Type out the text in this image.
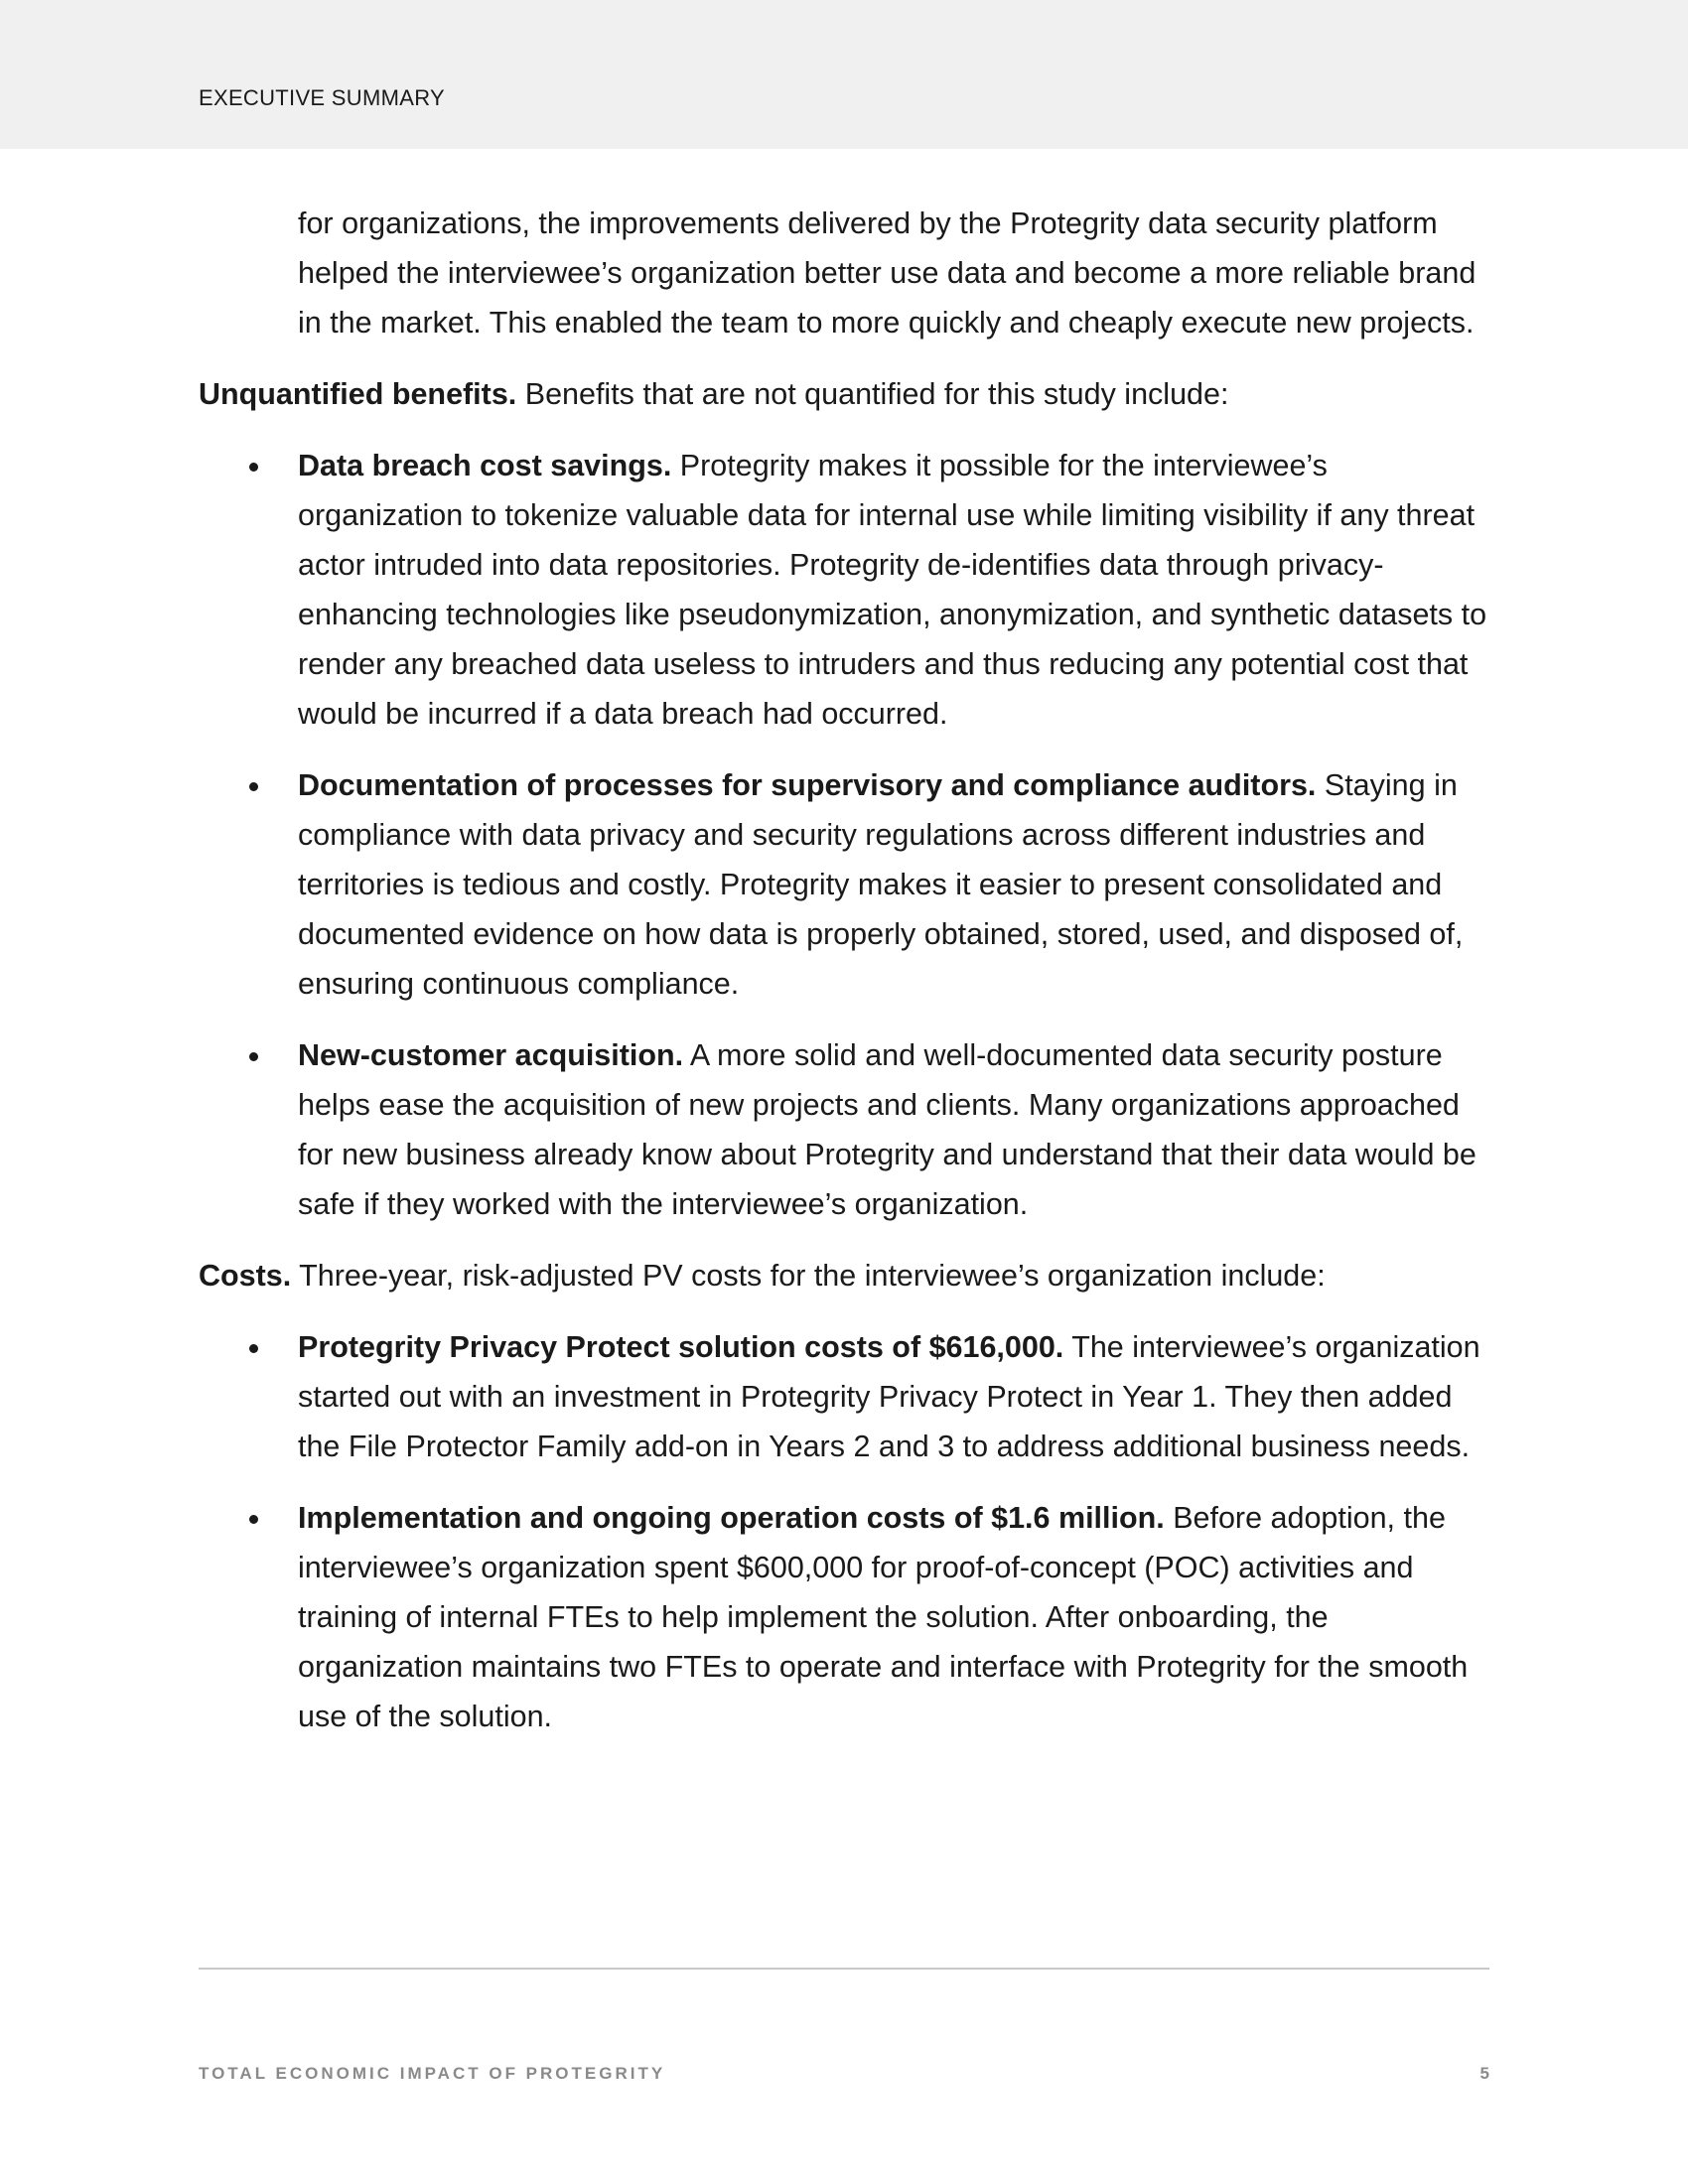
EXECUTIVE SUMMARY

for organizations, the improvements delivered by the Protegrity data security platform helped the interviewee’s organization better use data and become a more reliable brand in the market. This enabled the team to more quickly and cheaply execute new projects.

Unquantified benefits. Benefits that are not quantified for this study include:

Data breach cost savings. Protegrity makes it possible for the interviewee’s organization to tokenize valuable data for internal use while limiting visibility if any threat actor intruded into data repositories. Protegrity de-identifies data through privacy-enhancing technologies like pseudonymization, anonymization, and synthetic datasets to render any breached data useless to intruders and thus reducing any potential cost that would be incurred if a data breach had occurred.
Documentation of processes for supervisory and compliance auditors. Staying in compliance with data privacy and security regulations across different industries and territories is tedious and costly. Protegrity makes it easier to present consolidated and documented evidence on how data is properly obtained, stored, used, and disposed of, ensuring continuous compliance.
New-customer acquisition. A more solid and well-documented data security posture helps ease the acquisition of new projects and clients. Many organizations approached for new business already know about Protegrity and understand that their data would be safe if they worked with the interviewee’s organization.

Costs. Three-year, risk-adjusted PV costs for the interviewee’s organization include:

Protegrity Privacy Protect solution costs of $616,000. The interviewee’s organization started out with an investment in Protegrity Privacy Protect in Year 1. They then added the File Protector Family add-on in Years 2 and 3 to address additional business needs.
Implementation and ongoing operation costs of $1.6 million. Before adoption, the interviewee’s organization spent $600,000 for proof-of-concept (POC) activities and training of internal FTEs to help implement the solution. After onboarding, the organization maintains two FTEs to operate and interface with Protegrity for the smooth use of the solution.
TOTAL ECONOMIC IMPACT OF PROTEGRITY	5
